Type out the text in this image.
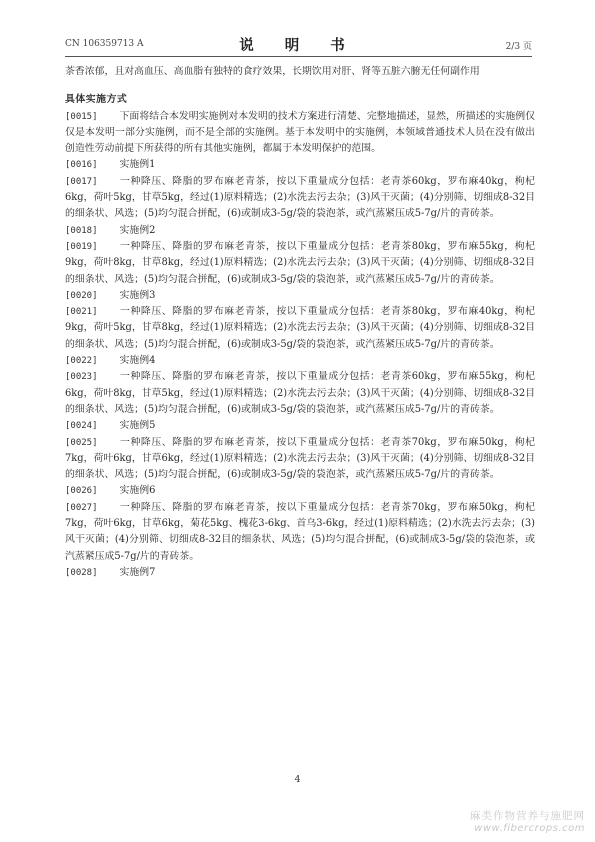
CN 106359713 A	说 明 书	2/3 页

茶香浓郁，且对高血压、高血脂有独特的食疗效果，长期饮用对肝、肾等五脏六腑无任何副作用

具体实施方式

[0015] 下面将结合本发明实施例对本发明的技术方案进行清楚、完整地描述，显然，所描述的实施例仅仅是本发明一部分实施例，而不是全部的实施例。基于本发明中的实施例，本领域普通技术人员在没有做出创造性劳动前提下所获得的所有其他实施例，都属于本发明保护的范围。

[0016] 实施例1

[0017] 一种降压、降脂的罗布麻老青茶，按以下重量成分包括：老青茶60kg，罗布麻40kg，枸杞6kg，荷叶5kg，甘草5kg，经过(1)原料精选；(2)水洗去污去杂；(3)风干灭菌；(4)分别筛、切细成8-32目的细条状、风选；(5)均匀混合拼配，(6)或制成3-5g/袋的袋泡茶，或汽蒸紧压成5-7g/片的青砖茶。

[0018] 实施例2

[0019] 一种降压、降脂的罗布麻老青茶，按以下重量成分包括：老青茶80kg，罗布麻55kg，枸杞9kg，荷叶8kg，甘草8kg，经过(1)原料精选；(2)水洗去污去杂；(3)风干灭菌；(4)分别筛、切细成8-32目的细条状、风选；(5)均匀混合拼配，(6)或制成3-5g/袋的袋泡茶，或汽蒸紧压成5-7g/片的青砖茶。

[0020] 实施例3

[0021] 一种降压、降脂的罗布麻老青茶，按以下重量成分包括：老青茶80kg，罗布麻40kg，枸杞9kg，荷叶5kg，甘草8kg，经过(1)原料精选；(2)水洗去污去杂；(3)风干灭菌；(4)分别筛、切细成8-32目的细条状、风选；(5)均匀混合拼配，(6)或制成3-5g/袋的袋泡茶，或汽蒸紧压成5-7g/片的青砖茶。

[0022] 实施例4

[0023] 一种降压、降脂的罗布麻老青茶，按以下重量成分包括：老青茶60kg，罗布麻55kg，枸杞6kg，荷叶8kg，甘草5kg，经过(1)原料精选；(2)水洗去污去杂；(3)风干灭菌；(4)分别筛、切细成8-32目的细条状、风选；(5)均匀混合拼配，(6)或制成3-5g/袋的袋泡茶，或汽蒸紧压成5-7g/片的青砖茶。

[0024] 实施例5

[0025] 一种降压、降脂的罗布麻老青茶，按以下重量成分包括：老青茶70kg，罗布麻50kg，枸杞7kg，荷叶6kg，甘草6kg，经过(1)原料精选；(2)水洗去污去杂；(3)风干灭菌；(4)分别筛、切细成8-32目的细条状、风选；(5)均匀混合拼配，(6)或制成3-5g/袋的袋泡茶，或汽蒸紧压成5-7g/片的青砖茶。

[0026] 实施例6

[0027] 一种降压、降脂的罗布麻老青茶，按以下重量成分包括：老青茶70kg，罗布麻50kg，枸杞7kg，荷叶6kg，甘草6kg，菊花5kg、槐花3-6kg、首乌3-6kg，经过(1)原料精选；(2)水洗去污去杂；(3)风干灭菌；(4)分别筛、切细成8-32目的细条状、风选；(5)均匀混合拼配，(6)或制成3-5g/袋的袋泡茶，或汽蒸紧压成5-7g/片的青砖茶。

[0028] 实施例7

4
麻类作物营养与施肥网
www.fibercrops.com
